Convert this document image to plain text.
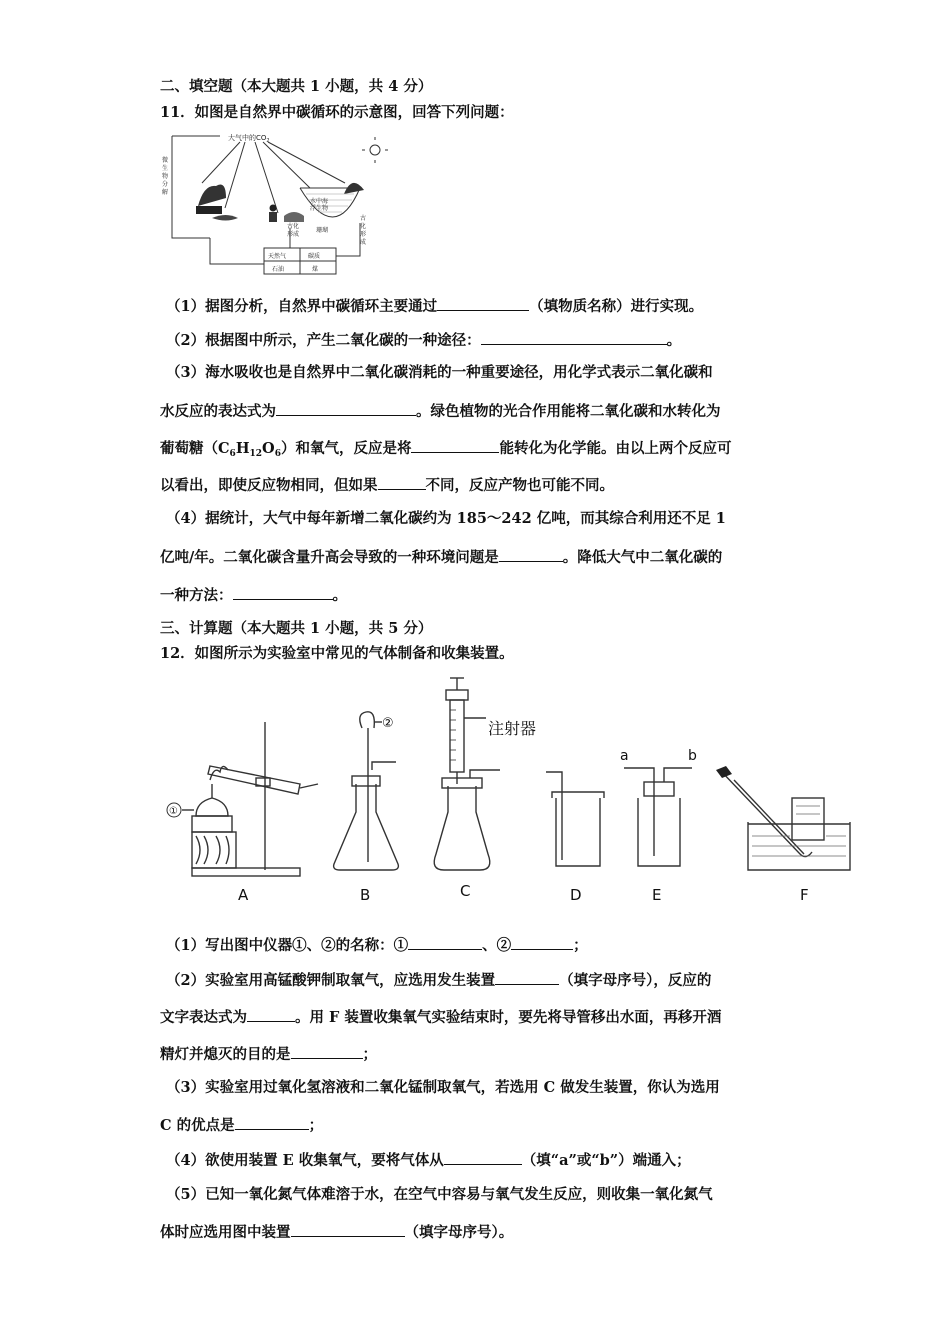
二、填空题（本大题共 1 小题，共 4 分）
11．如图是自然界中碳循环的示意图，回答下列问题：
大气中的$CO_2$
微
生
物
分
解
水中海
浮生物
古
化
形
成
古化
形成
珊瑚
天然气	碳质
石油	煤
（1）据图分析，自然界中碳循环主要通过	（填物质名称）进行实现。
（2）根据图中所示，产生二氧化碳的一种途径：	。
（3）海水吸收也是自然界中二氧化碳消耗的一种重要途径，用化学式表示二氧化碳和
水反应的表达式为	。绿色植物的光合作用能将二氧化碳和水转化为
葡萄糖$(C_6H_{12}O_6)$和氧气，反应是将	能转化为化学能。由以上两个反应可
以看出，即使反应物相同，但如果	不同，反应产物也可能不同。
（4）据统计，大气中每年新增二氧化碳约为 185～242 亿吨，而其综合利用还不足 1
亿吨/年。二氧化碳含量升高会导致的一种环境问题是	。降低大气中二氧化碳的
一种方法：	。
三、计算题（本大题共 1 小题，共 5 分）
12．如图所示为实验室中常见的气体制备和收集装置。
①
②	注射器
a	b
A	B	C	D	E	F
（1）写出图中仪器①、②的名称：①	、②	；
（2）实验室用高锰酸钾制取氧气，应选用发生装置	（填字母序号），反应的
文字表达式为	。用 F 装置收集氧气实验结束时，要先将导管移出水面，再移开酒
精灯并熄灭的目的是	；
（3）实验室用过氧化氢溶液和二氧化锰制取氧气，若选用 C 做发生装置，你认为选用
C 的优点是	；
（4）欲使用装置 E 收集氧气，要将气体从	（填“a”或“b”）端通入；
（5）已知一氧化氮气体难溶于水，在空气中容易与氧气发生反应，则收集一氧化氮气
体时应选用图中装置	（填字母序号）。
